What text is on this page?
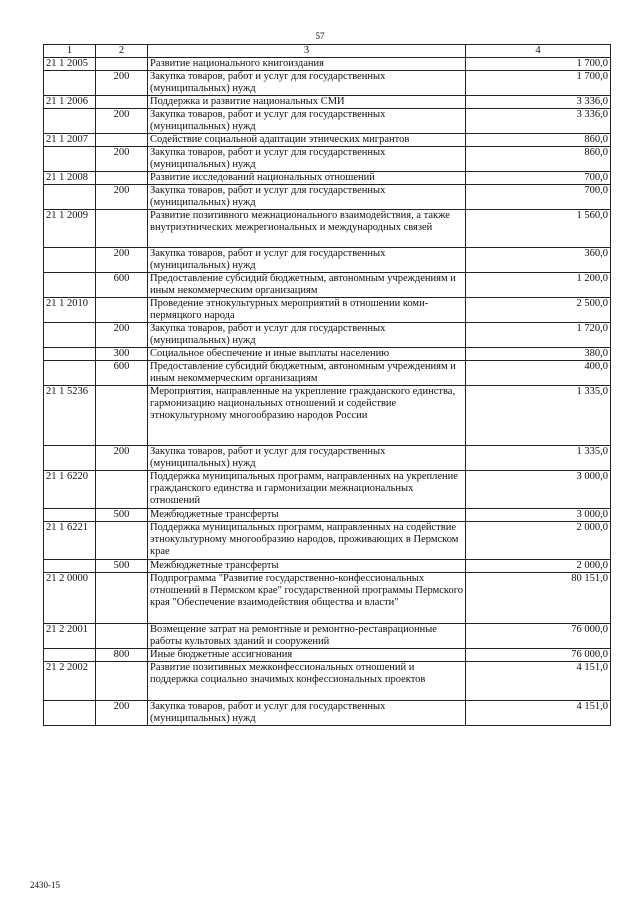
57
1	2	3	4
21 1 2005		Развитие национального книгоиздания	1 700,0
	200	Закупка товаров, работ и услуг для государственных (муниципальных) нужд	1 700,0
21 1 2006		Поддержка и развитие национальных СМИ	3 336,0
	200	Закупка товаров, работ и услуг для государственных (муниципальных) нужд	3 336,0
21 1 2007		Содействие социальной адаптации этнических мигрантов	860,0
	200	Закупка товаров, работ и услуг для государственных (муниципальных) нужд	860,0
21 1 2008		Развитие исследований национальных отношений	700,0
	200	Закупка товаров, работ и услуг для государственных (муниципальных) нужд	700,0
21 1 2009		Развитие позитивного межнационального взаимодействия, а также внутриэтнических межрегиональных и международных связей	1 560,0
	200	Закупка товаров, работ и услуг для государственных (муниципальных) нужд	360,0
	600	Предоставление субсидий бюджетным, автономным учреждениям и иным некоммерческим организациям	1 200,0
21 1 2010		Проведение этнокультурных мероприятий в отношении коми-пермяцкого народа	2 500,0
	200	Закупка товаров, работ и услуг для государственных (муниципальных) нужд	1 720,0
	300	Социальное обеспечение и иные выплаты населению	380,0
	600	Предоставление субсидий бюджетным, автономным учреждениям и иным некоммерческим организациям	400,0
21 1 5236		Мероприятия, направленные на укрепление гражданского единства, гармонизацию национальных отношений и содействие этнокультурному многообразию народов России	1 335,0
	200	Закупка товаров, работ и услуг для государственных (муниципальных) нужд	1 335,0
21 1 6220		Поддержка муниципальных программ, направленных на укрепление гражданского единства и гармонизации межнациональных отношений	3 000,0
	500	Межбюджетные трансферты	3 000,0
21 1 6221		Поддержка муниципальных программ, направленных на содействие этнокультурному многообразию народов, проживающих в Пермском крае	2 000,0
	500	Межбюджетные трансферты	2 000,0
21 2 0000		Подпрограмма "Развитие государственно-конфессиональных отношений в Пермском крае" государственной программы Пермского края "Обеспечение взаимодействия общества и власти"	80 151,0
21 2 2001		Возмещение затрат на ремонтные и ремонтно-реставрационные работы культовых зданий и сооружений	76 000,0
	800	Иные бюджетные ассигнования	76 000,0
21 2 2002		Развитие позитивных межконфессиональных отношений и поддержка социально значимых конфессиональных проектов	4 151,0
	200	Закупка товаров, работ и услуг для государственных (муниципальных) нужд	4 151,0
2430-15
